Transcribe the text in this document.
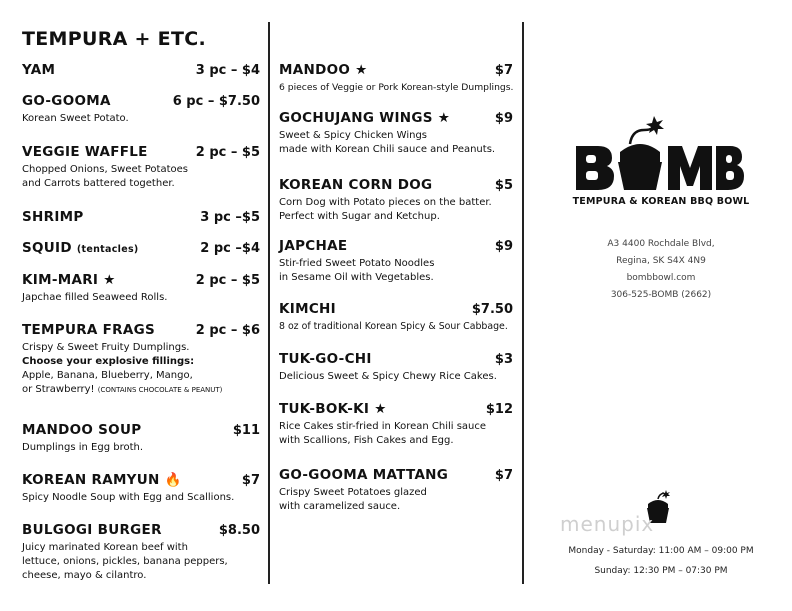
TEMPURA + ETC.
YAM	3 pc – $4
GO-GOOMA	6 pc – $7.50
Korean Sweet Potato.
VEGGIE WAFFLE	2 pc – $5
Chopped Onions, Sweet Potatoes
and Carrots battered together.
SHRIMP	3 pc –$5
SQUID (tentacles)	2 pc –$4
KIM-MARI ★	2 pc – $5
Japchae filled Seaweed Rolls.
TEMPURA FRAGS	2 pc – $6
Crispy & Sweet Fruity Dumplings.
Choose your explosive fillings:
Apple, Banana, Blueberry, Mango,
or Strawberry! (CONTAINS CHOCOLATE & PEANUT)
MANDOO SOUP	$11
Dumplings in Egg broth.
KOREAN RAMYUN 🔥	$7
Spicy Noodle Soup with Egg and Scallions.
BULGOGI BURGER	$8.50
Juicy marinated Korean beef with
lettuce, onions, pickles, banana peppers,
cheese, mayo & cilantro.
MANDOO ★	$7
6 pieces of Veggie or Pork Korean-style Dumplings.
GOCHUJANG WINGS ★	$9
Sweet & Spicy Chicken Wings
made with Korean Chili sauce and Peanuts.
KOREAN CORN DOG	$5
Corn Dog with Potato pieces on the batter.
Perfect with Sugar and Ketchup.
JAPCHAE	$9
Stir-fried Sweet Potato Noodles
in Sesame Oil with Vegetables.
KIMCHI	$7.50
8 oz of traditional Korean Spicy & Sour Cabbage.
TUK-GO-CHI	$3
Delicious Sweet & Spicy Chewy Rice Cakes.
TUK-BOK-KI ★	$12
Rice Cakes stir-fried in Korean Chili sauce
with Scallions, Fish Cakes and Egg.
GO-GOOMA MATTANG	$7
Crispy Sweet Potatoes glazed
with caramelized sauce.
TEMPURA & KOREAN BBQ BOWL
A3 4400 Rochdale Blvd,
Regina, SK S4X 4N9
bombbowl.com
306-525-BOMB (2662)
menupix
Monday - Saturday: 11:00 AM – 09:00 PM
Sunday: 12:30 PM – 07:30 PM
